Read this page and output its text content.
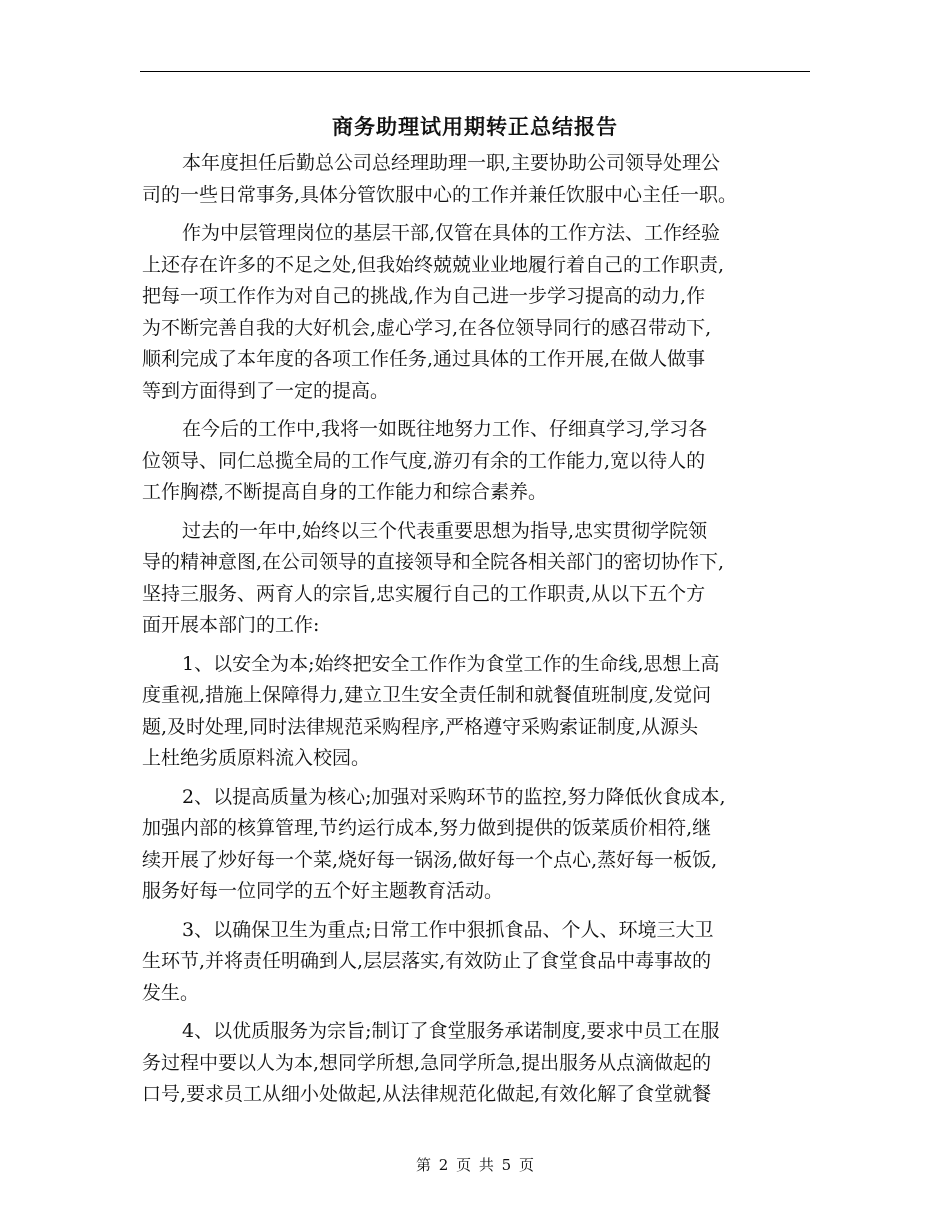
商务助理试用期转正总结报告

本年度担任后勤总公司总经理助理一职,主要协助公司领导处理公
司的一些日常事务,具体分管饮服中心的工作并兼任饮服中心主任一职。

作为中层管理岗位的基层干部,仅管在具体的工作方法、工作经验
上还存在许多的不足之处,但我始终兢兢业业地履行着自己的工作职责,
把每一项工作作为对自己的挑战,作为自己进一步学习提高的动力,作
为不断完善自我的大好机会,虚心学习,在各位领导同行的感召带动下,
顺利完成了本年度的各项工作任务,通过具体的工作开展,在做人做事
等到方面得到了一定的提高。

在今后的工作中,我将一如既往地努力工作、仔细真学习,学习各
位领导、同仁总揽全局的工作气度,游刃有余的工作能力,宽以待人的
工作胸襟,不断提高自身的工作能力和综合素养。

过去的一年中,始终以三个代表重要思想为指导,忠实贯彻学院领
导的精神意图,在公司领导的直接领导和全院各相关部门的密切协作下,
坚持三服务、两育人的宗旨,忠实履行自己的工作职责,从以下五个方
面开展本部门的工作:

1、以安全为本;始终把安全工作作为食堂工作的生命线,思想上高
度重视,措施上保障得力,建立卫生安全责任制和就餐值班制度,发觉问
题,及时处理,同时法律规范采购程序,严格遵守采购索证制度,从源头
上杜绝劣质原料流入校园。

2、以提高质量为核心;加强对采购环节的监控,努力降低伙食成本,
加强内部的核算管理,节约运行成本,努力做到提供的饭菜质价相符,继
续开展了炒好每一个菜,烧好每一锅汤,做好每一个点心,蒸好每一板饭,
服务好每一位同学的五个好主题教育活动。

3、以确保卫生为重点;日常工作中狠抓食品、个人、环境三大卫
生环节,并将责任明确到人,层层落实,有效防止了食堂食品中毒事故的
发生。

4、以优质服务为宗旨;制订了食堂服务承诺制度,要求中员工在服
务过程中要以人为本,想同学所想,急同学所急,提出服务从点滴做起的
口号,要求员工从细小处做起,从法律规范化做起,有效化解了食堂就餐

第 2 页 共 5 页
